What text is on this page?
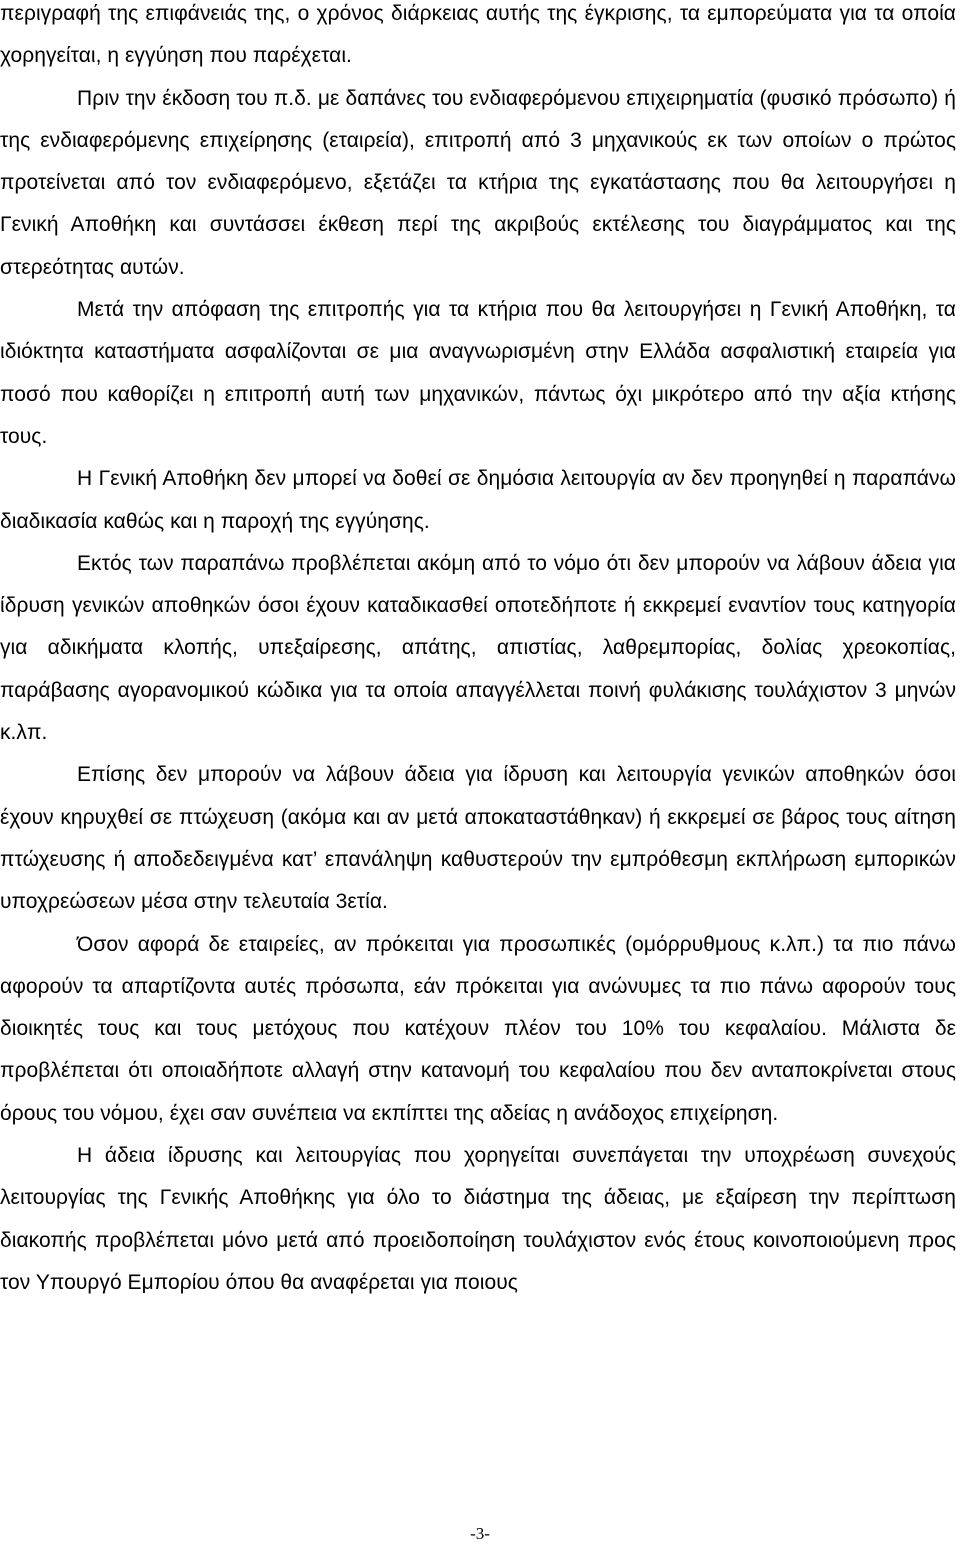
περιγραφή της επιφάνειάς της, ο χρόνος διάρκειας αυτής της έγκρισης, τα εμπορεύματα για τα οποία χορηγείται, η εγγύηση που παρέχεται.

Πριν την έκδοση του π.δ. με δαπάνες του ενδιαφερόμενου επιχειρηματία (φυσικό πρόσωπο) ή της ενδιαφερόμενης επιχείρησης (εταιρεία), επιτροπή από 3 μηχανικούς εκ των οποίων ο πρώτος προτείνεται από τον ενδιαφερόμενο, εξετάζει τα κτήρια της εγκατάστασης που θα λειτουργήσει η Γενική Αποθήκη και συντάσσει έκθεση περί της ακριβούς εκτέλεσης του διαγράμματος και της στερεότητας αυτών.

Μετά την απόφαση της επιτροπής για τα κτήρια που θα λειτουργήσει η Γενική Αποθήκη, τα ιδιόκτητα καταστήματα ασφαλίζονται σε μια αναγνωρισμένη στην Ελλάδα ασφαλιστική εταιρεία για ποσό που καθορίζει η επιτροπή αυτή των μηχανικών, πάντως όχι μικρότερο από την αξία κτήσης τους.

Η Γενική Αποθήκη δεν μπορεί να δοθεί σε δημόσια λειτουργία αν δεν προηγηθεί η παραπάνω διαδικασία καθώς και η παροχή της εγγύησης.

Εκτός των παραπάνω προβλέπεται ακόμη από το νόμο ότι δεν μπορούν να λάβουν άδεια για ίδρυση γενικών αποθηκών όσοι έχουν καταδικασθεί οποτεδήποτε ή εκκρεμεί εναντίον τους κατηγορία για αδικήματα κλοπής, υπεξαίρεσης, απάτης, απιστίας, λαθρεμπορίας, δολίας χρεοκοπίας, παράβασης αγορανομικού κώδικα για τα οποία απαγγέλλεται ποινή φυλάκισης τουλάχιστον 3 μηνών κ.λπ.

Επίσης δεν μπορούν να λάβουν άδεια για ίδρυση και λειτουργία γενικών αποθηκών όσοι έχουν κηρυχθεί σε πτώχευση (ακόμα και αν μετά αποκαταστάθηκαν) ή εκκρεμεί σε βάρος τους αίτηση πτώχευσης ή αποδεδειγμένα κατ’ επανάληψη καθυστερούν την εμπρόθεσμη εκπλήρωση εμπορικών υποχρεώσεων μέσα στην τελευταία 3ετία.

Όσον αφορά δε εταιρείες, αν πρόκειται για προσωπικές (ομόρρυθμους κ.λπ.) τα πιο πάνω αφορούν τα απαρτίζοντα αυτές πρόσωπα, εάν πρόκειται για ανώνυμες τα πιο πάνω αφορούν τους διοικητές τους και τους μετόχους που κατέχουν πλέον του 10% του κεφαλαίου. Μάλιστα δε προβλέπεται ότι οποιαδήποτε αλλαγή στην κατανομή του κεφαλαίου που δεν ανταποκρίνεται στους όρους του νόμου, έχει σαν συνέπεια να εκπίπτει της αδείας η ανάδοχος επιχείρηση.

Η άδεια ίδρυσης και λειτουργίας που χορηγείται συνεπάγεται την υποχρέωση συνεχούς λειτουργίας της Γενικής Αποθήκης για όλο το διάστημα της άδειας, με εξαίρεση την περίπτωση διακοπής προβλέπεται μόνο μετά από προειδοποίηση τουλάχιστον ενός έτους κοινοποιούμενη προς τον Υπουργό Εμπορίου όπου θα αναφέρεται για ποιους

-3-
